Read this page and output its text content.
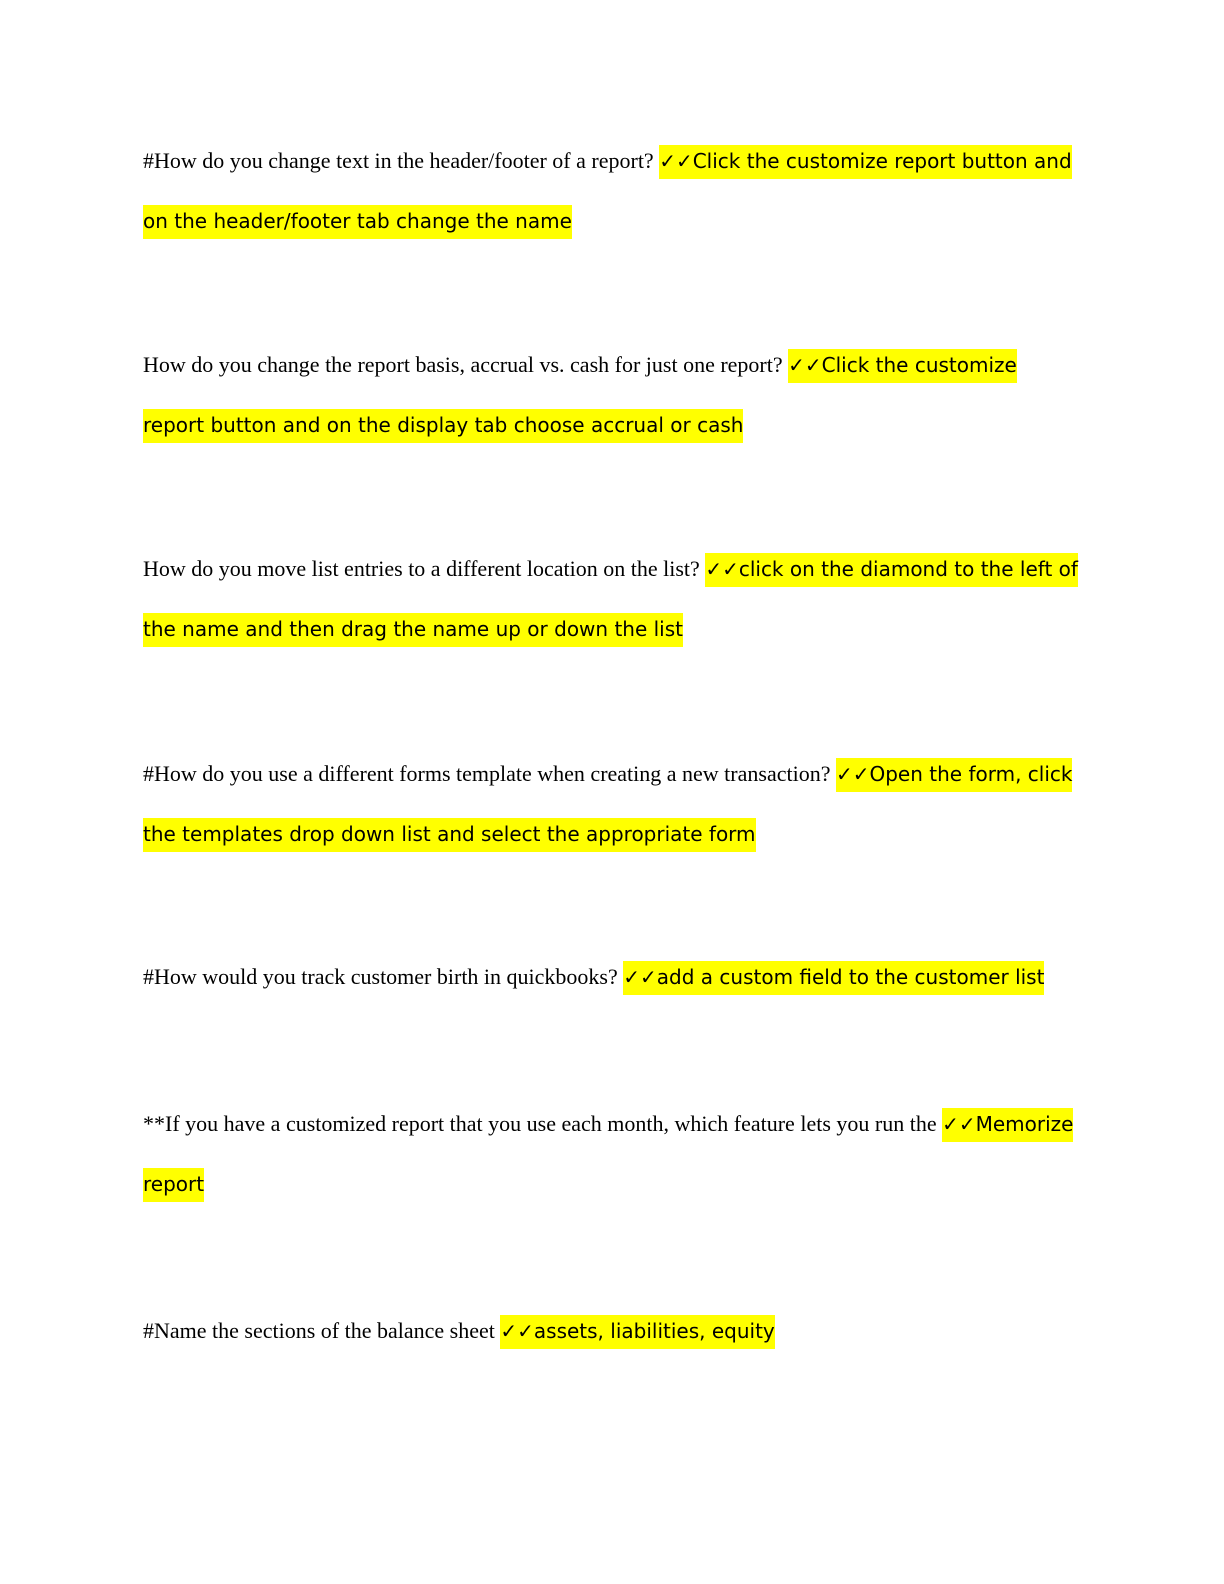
#How do you change text in the header/footer of a report? ✓✓Click the customize report button and on the header/footer tab change the name

How do you change the report basis, accrual vs. cash for just one report? ✓✓Click the customize report button and on the display tab choose accrual or cash

How do you move list entries to a different location on the list? ✓✓click on the diamond to the left of the name and then drag the name up or down the list

#How do you use a different forms template when creating a new transaction? ✓✓Open the form, click the templates drop down list and select the appropriate form

#How would you track customer birth in quickbooks? ✓✓add a custom field to the customer list

**If you have a customized report that you use each month, which feature lets you run the ✓✓Memorize report

#Name the sections of the balance sheet ✓✓assets, liabilities, equity
